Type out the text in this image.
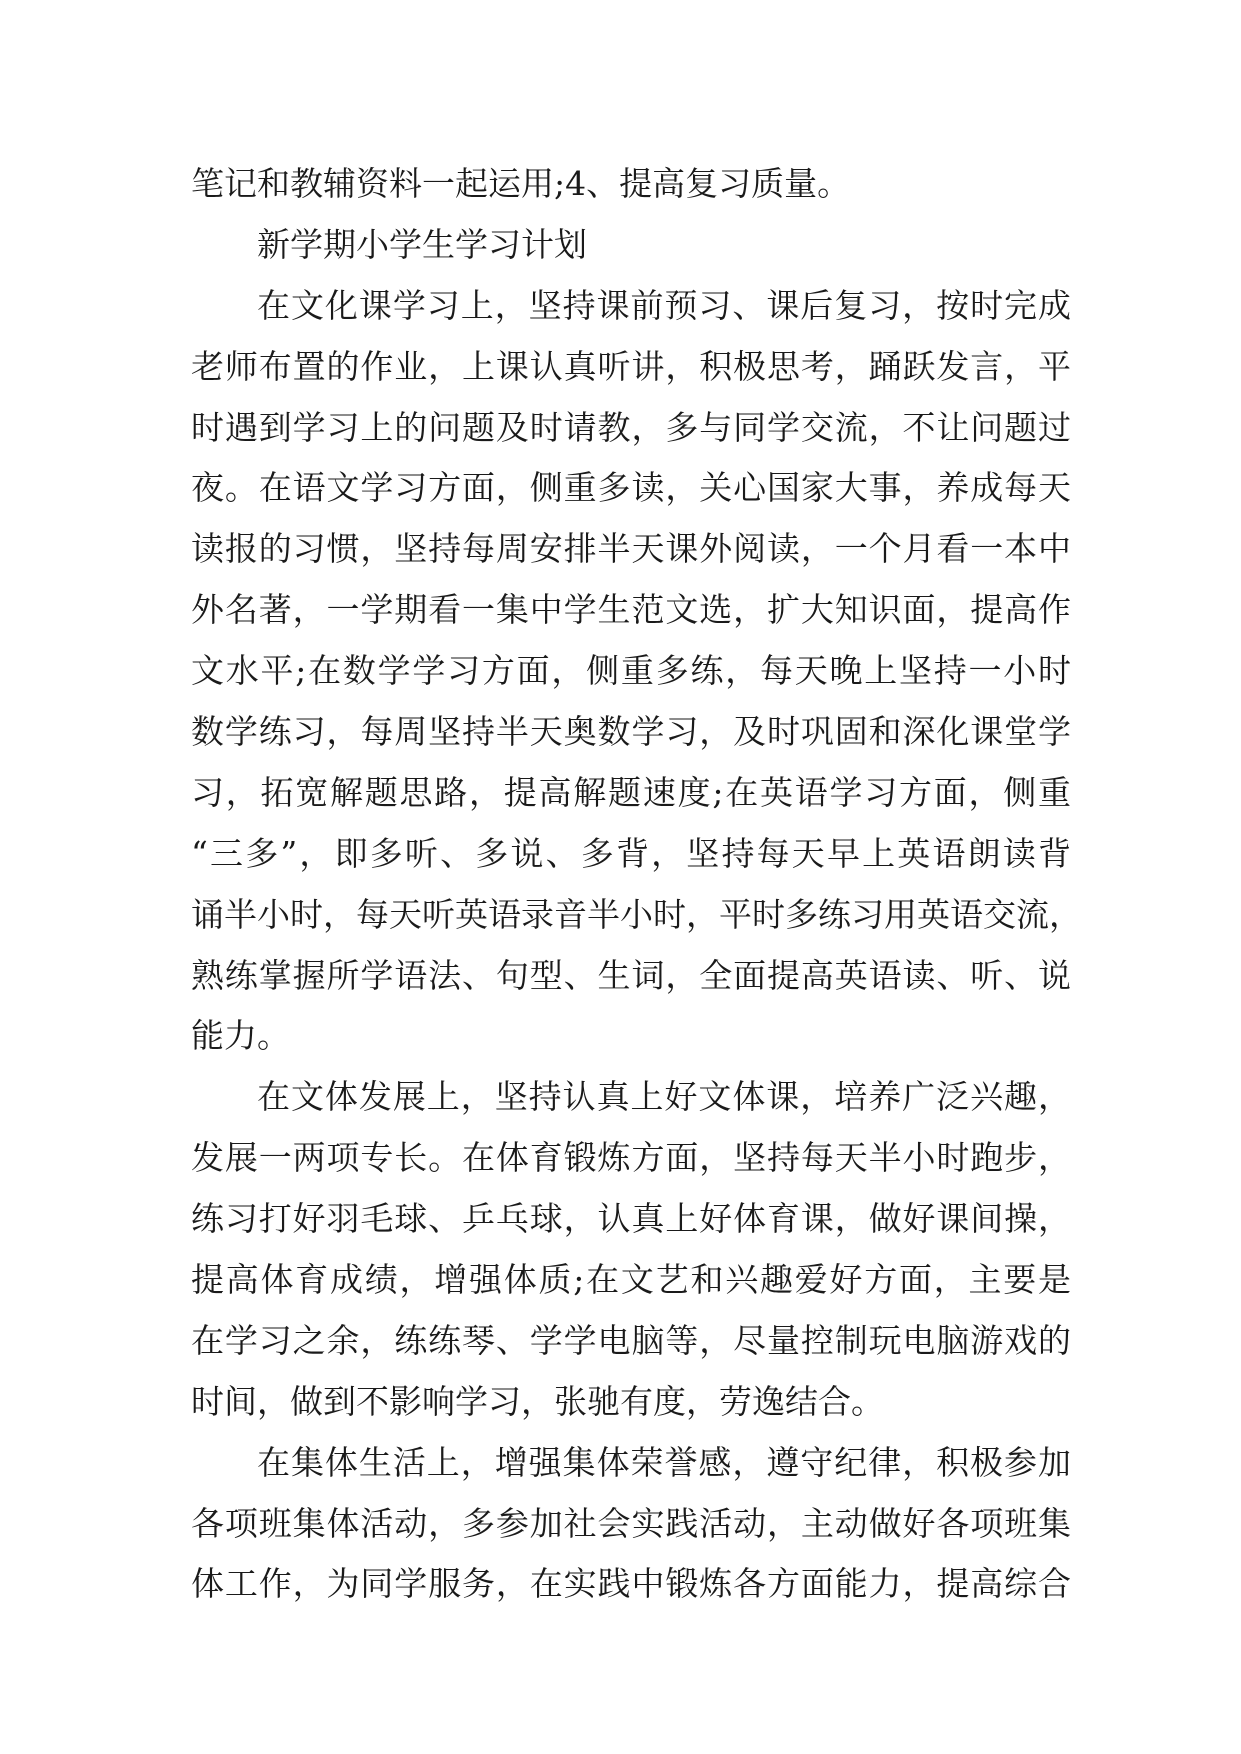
笔记和教辅资料一起运用;4、提高复习质量。
新学期小学生学习计划
在文化课学习上，坚持课前预习、课后复习，按时完成
老师布置的作业，上课认真听讲，积极思考，踊跃发言，平
时遇到学习上的问题及时请教，多与同学交流，不让问题过
夜。在语文学习方面，侧重多读，关心国家大事，养成每天
读报的习惯，坚持每周安排半天课外阅读，一个月看一本中
外名著，一学期看一集中学生范文选，扩大知识面，提高作
文水平;在数学学习方面，侧重多练，每天晚上坚持一小时
数学练习，每周坚持半天奥数学习，及时巩固和深化课堂学
习，拓宽解题思路，提高解题速度;在英语学习方面，侧重
“三多”，即多听、多说、多背，坚持每天早上英语朗读背
诵半小时，每天听英语录音半小时，平时多练习用英语交流，
熟练掌握所学语法、句型、生词，全面提高英语读、听、说
能力。
在文体发展上，坚持认真上好文体课，培养广泛兴趣，
发展一两项专长。在体育锻炼方面，坚持每天半小时跑步，
练习打好羽毛球、乒乓球，认真上好体育课，做好课间操，
提高体育成绩，增强体质;在文艺和兴趣爱好方面，主要是
在学习之余，练练琴、学学电脑等，尽量控制玩电脑游戏的
时间，做到不影响学习，张驰有度，劳逸结合。
在集体生活上，增强集体荣誉感，遵守纪律，积极参加
各项班集体活动，多参加社会实践活动，主动做好各项班集
体工作，为同学服务，在实践中锻炼各方面能力，提高综合
